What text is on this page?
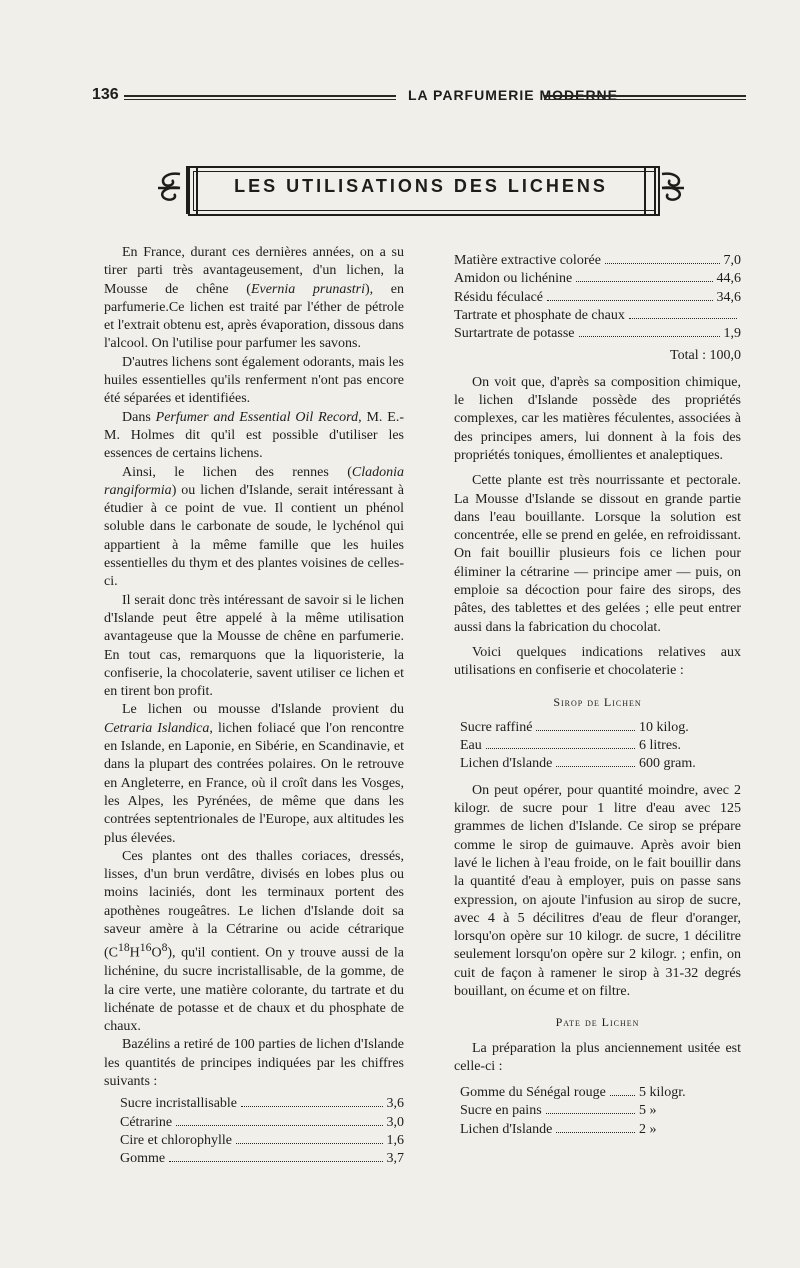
136	LA PARFUMERIE MODERNE
LES UTILISATIONS DES LICHENS

En France, durant ces dernières années, on a su tirer parti très avantageusement, d'un lichen, la Mousse de chêne (Evernia prunastri), en parfumerie.Ce lichen est traité par l'éther de pétrole et l'extrait obtenu est, après évaporation, dissous dans l'alcool. On l'utilise pour parfumer les savons.

D'autres lichens sont également odorants, mais les huiles essentielles qu'ils renferment n'ont pas encore été séparées et identifiées.

Dans Perfumer and Essential Oil Record, M. E.-M. Holmes dit qu'il est possible d'utiliser les essences de certains lichens.

Ainsi, le lichen des rennes (Cladonia rangiformia) ou lichen d'Islande, serait intéressant à étudier à ce point de vue. Il contient un phénol soluble dans le carbonate de soude, le lychénol qui appartient à la même famille que les huiles essentielles du thym et des plantes voisines de celles-ci.

Il serait donc très intéressant de savoir si le lichen d'Islande peut être appelé à la même utilisation avantageuse que la Mousse de chêne en parfumerie. En tout cas, remarquons que la liquoristerie, la confiserie, la chocolaterie, savent utiliser ce lichen et en tirent bon profit.

Le lichen ou mousse d'Islande provient du Cetraria Islandica, lichen foliacé que l'on rencontre en Islande, en Laponie, en Sibérie, en Scandinavie, et dans la plupart des contrées polaires. On le retrouve en Angleterre, en France, où il croît dans les Vosges, les Alpes, les Pyrénées, de même que dans les contrées septentrionales de l'Europe, aux altitudes les plus élevées.

Ces plantes ont des thalles coriaces, dressés, lisses, d'un brun verdâtre, divisés en lobes plus ou moins laciniés, dont les terminaux portent des apothènes rougeâtres. Le lichen d'Islande doit sa saveur amère à la Cétrarine ou acide cétrarique $(C^{18}H^{16}O^8)$, qu'il contient. On y trouve aussi de la lichénine, du sucre incristallisable, de la gomme, de la cire verte, une matière colorante, du tartrate et du lichénate de potasse et de chaux et du phosphate de chaux.

Bazélins a retiré de 100 parties de lichen d'Islande les quantités de principes indiquées par les chiffres suivants :

Sucre incristallisable	3,6
Cétrarine	3,0
Cire et chlorophylle	1,6
Gomme	3,7
Matière extractive colorée	7,0
Amidon ou lichénine	44,6
Résidu féculacé	34,6
Tartrate et phosphate de chaux
Surtartrate de potasse	1,9
Total : 100,0

On voit que, d'après sa composition chimique, le lichen d'Islande possède des propriétés complexes, car les matières féculentes, associées à des principes amers, lui donnent à la fois des propriétés toniques, émollientes et analeptiques.

Cette plante est très nourrissante et pectorale. La Mousse d'Islande se dissout en grande partie dans l'eau bouillante. Lorsque la solution est concentrée, elle se prend en gelée, en refroidissant. On fait bouillir plusieurs fois ce lichen pour éliminer la cétrarine — principe amer — puis, on emploie sa décoction pour faire des sirops, des pâtes, des tablettes et des gelées ; elle peut entrer aussi dans la fabrication du chocolat.

Voici quelques indications relatives aux utilisations en confiserie et chocolaterie :

Sirop de Lichen
Sucre raffiné	10 kilog.
Eau	6 litres.
Lichen d'Islande	600 gram.

On peut opérer, pour quantité moindre, avec 2 kilogr. de sucre pour 1 litre d'eau avec 125 grammes de lichen d'Islande. Ce sirop se prépare comme le sirop de guimauve. Après avoir bien lavé le lichen à l'eau froide, on le fait bouillir dans la quantité d'eau à employer, puis on passe sans expression, on ajoute l'infusion au sirop de sucre, avec 4 à 5 décilitres d'eau de fleur d'oranger, lorsqu'on opère sur 10 kilogr. de sucre, 1 décilitre seulement lorsqu'on opère sur 2 kilogr. ; enfin, on cuit de façon à ramener le sirop à 31-32 degrés bouillant, on écume et on filtre.

Pate de Lichen

La préparation la plus anciennement usitée est celle-ci :

Gomme du Sénégal rouge 5 kilogr.
Sucre en pains	5 »
Lichen d'Islande	2 »
